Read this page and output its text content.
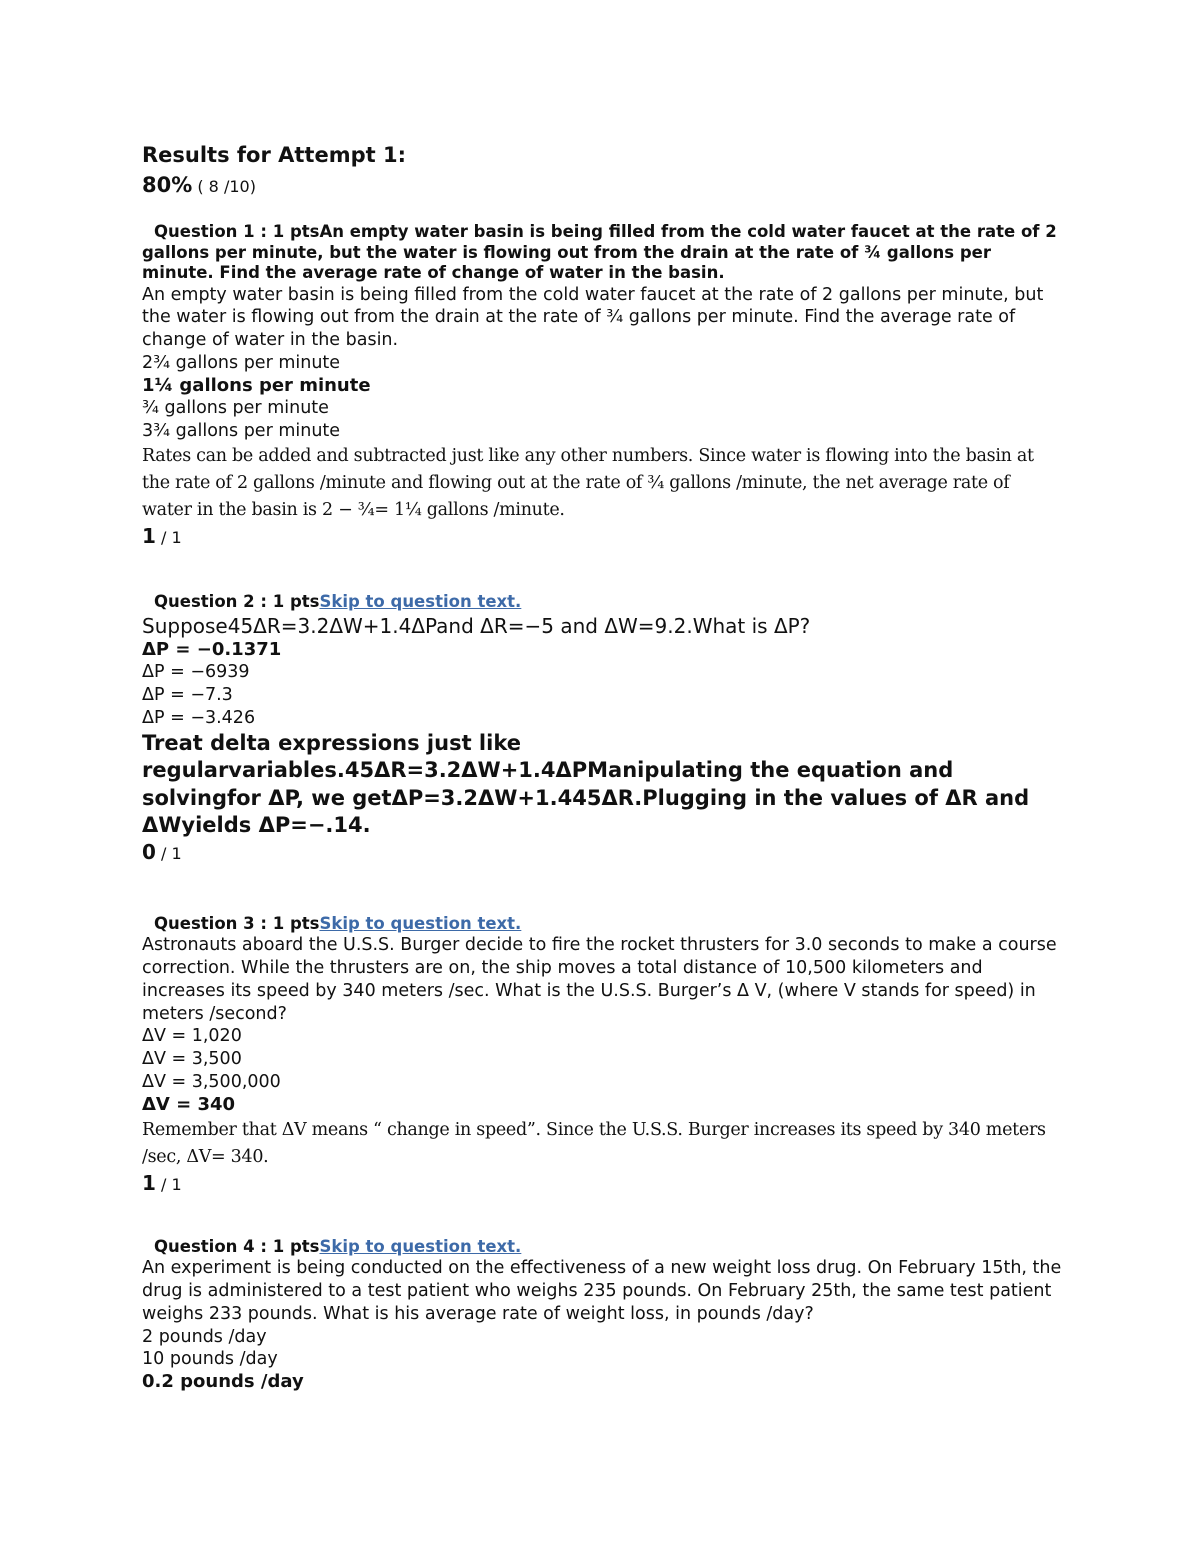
Results for Attempt 1:
80% ( 8 /10)
Question 1 : 1 ptsAn empty water basin is being filled from the cold water faucet at the rate of 2 gallons per minute, but the water is flowing out from the drain at the rate of ¾ gallons per minute. Find the average rate of change of water in the basin.
An empty water basin is being filled from the cold water faucet at the rate of 2 gallons per minute, but the water is flowing out from the drain at the rate of ¾ gallons per minute. Find the average rate of change of water in the basin.
2¾ gallons per minute
1¼ gallons per minute
¾ gallons per minute
3¾ gallons per minute
Rates can be added and subtracted just like any other numbers. Since water is flowing into the basin at the rate of 2 gallons /minute and flowing out at the rate of ¾ gallons /minute, the net average rate of water in the basin is 2 − ¾= 1¼ gallons /minute.
1 / 1
Question 2 : 1 ptsSkip to question text.
Suppose45ΔR=3.2ΔW+1.4ΔPand ΔR=−5 and ΔW=9.2.What is ΔP?
ΔP = −0.1371
ΔP = −6939
ΔP = −7.3
ΔP = −3.426
Treat delta expressions just like regularvariables.45ΔR=3.2ΔW+1.4ΔPManipulating the equation and solvingfor ΔP, we getΔP=3.2ΔW+1.445ΔR.Plugging in the values of ΔR and ΔWyields ΔP=−.14.
0 / 1
Question 3 : 1 ptsSkip to question text.
Astronauts aboard the U.S.S. Burger decide to fire the rocket thrusters for 3.0 seconds to make a course correction. While the thrusters are on, the ship moves a total distance of 10,500 kilometers and increases its speed by 340 meters /sec. What is the U.S.S. Burger’s Δ V, (where V stands for speed) in meters /second?
ΔV = 1,020
ΔV = 3,500
ΔV = 3,500,000
ΔV = 340
Remember that ΔV means “ change in speed”. Since the U.S.S. Burger increases its speed by 340 meters /sec, ΔV= 340.
1 / 1
Question 4 : 1 ptsSkip to question text.
An experiment is being conducted on the effectiveness of a new weight loss drug. On February 15th, the drug is administered to a test patient who weighs 235 pounds. On February 25th, the same test patient weighs 233 pounds. What is his average rate of weight loss, in pounds /day?
2 pounds /day
10 pounds /day
0.2 pounds /day
